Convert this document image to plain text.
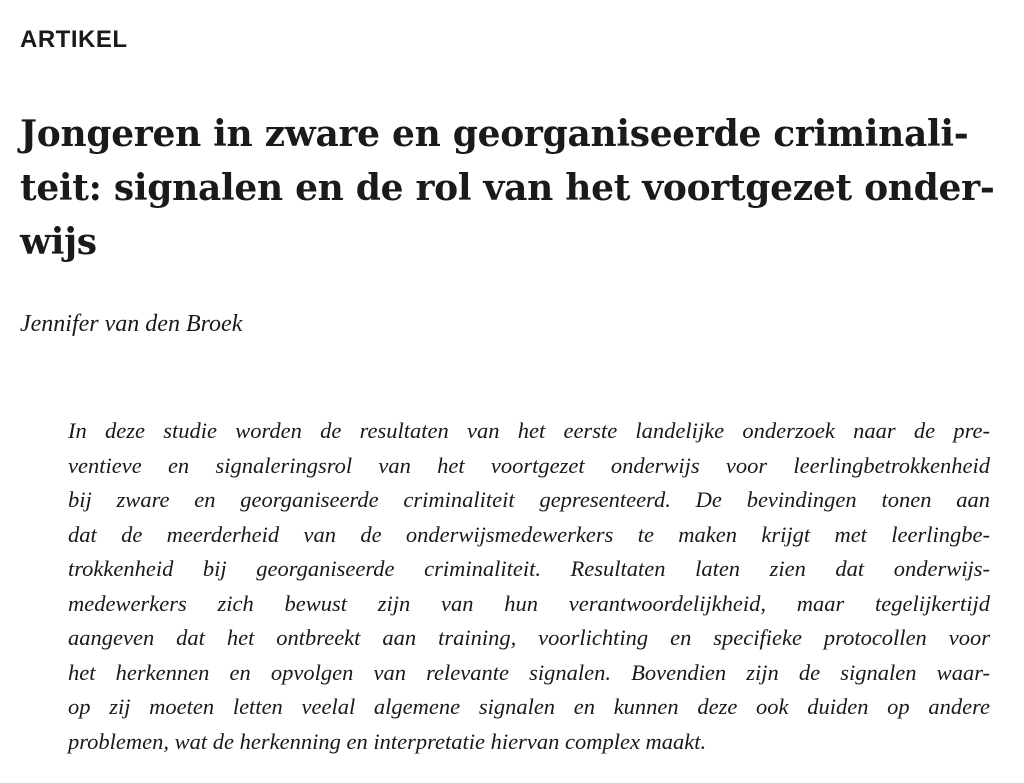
ARTIKEL
Jongeren in zware en georganiseerde criminali-
teit: signalen en de rol van het voortgezet onder-
wijs

Jennifer van den Broek

In deze studie worden de resultaten van het eerste landelijke onderzoek naar de pre-
ventieve en signaleringsrol van het voortgezet onderwijs voor leerlingbetrokkenheid
bij zware en georganiseerde criminaliteit gepresenteerd. De bevindingen tonen aan
dat de meerderheid van de onderwijsmedewerkers te maken krijgt met leerlingbe-
trokkenheid bij georganiseerde criminaliteit. Resultaten laten zien dat onderwijs-
medewerkers zich bewust zijn van hun verantwoordelijkheid, maar tegelijkertijd
aangeven dat het ontbreekt aan training, voorlichting en specifieke protocollen voor
het herkennen en opvolgen van relevante signalen. Bovendien zijn de signalen waar-
op zij moeten letten veelal algemene signalen en kunnen deze ook duiden op andere
problemen, wat de herkenning en interpretatie hiervan complex maakt.
